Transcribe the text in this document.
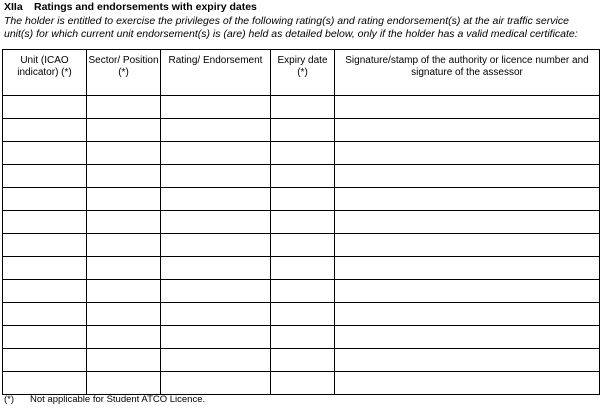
XIIa Ratings and endorsements with expiry dates
The holder is entitled to exercise the privileges of the following rating(s) and rating endorsement(s) at the air traffic service unit(s) for which current unit endorsement(s) is (are) held as detailed below, only if the holder has a valid medical certificate:
Unit (ICAO indicator) (*)	Sector/ Position (*)	Rating/ Endorsement	Expiry date (*)	Signature/stamp of the authority or licence number and signature of the assessor

(*) Not applicable for Student ATCO Licence.
